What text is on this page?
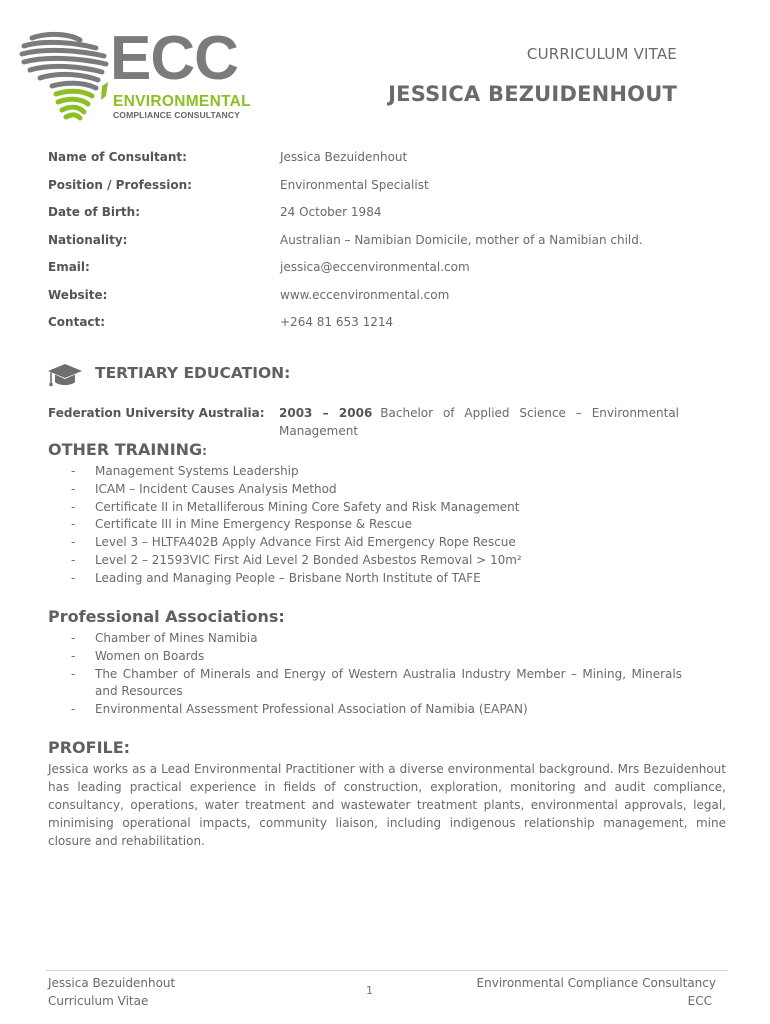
ECC
ENVIRONMENTAL
COMPLIANCE CONSULTANCY
CURRICULUM VITAE
JESSICA BEZUIDENHOUT
Name of Consultant:	Jessica Bezuidenhout
Position / Profession:	Environmental Specialist
Date of Birth:	24 October 1984
Nationality:	Australian – Namibian Domicile, mother of a Namibian child.
Email:	jessica@eccenvironmental.com
Website:	www.eccenvironmental.com
Contact:	+264 81 653 1214
TERTIARY EDUCATION:
Federation University Australia: 2003 – 2006 Bachelor of Applied Science – Environmental Management
OTHER TRAINING:
- Management Systems Leadership
- ICAM – Incident Causes Analysis Method
- Certificate II in Metalliferous Mining Core Safety and Risk Management
- Certificate III in Mine Emergency Response & Rescue
- Level 3 – HLTFA402B Apply Advance First Aid Emergency Rope Rescue
- Level 2 – 21593VIC First Aid Level 2 Bonded Asbestos Removal > 10m²
- Leading and Managing People – Brisbane North Institute of TAFE
Professional Associations:
- Chamber of Mines Namibia
- Women on Boards
- The Chamber of Minerals and Energy of Western Australia Industry Member – Mining, Minerals and Resources
- Environmental Assessment Professional Association of Namibia (EAPAN)
PROFILE:
Jessica works as a Lead Environmental Practitioner with a diverse environmental background. Mrs Bezuidenhout has leading practical experience in fields of construction, exploration, monitoring and audit compliance, consultancy, operations, water treatment and wastewater treatment plants, environmental approvals, legal, minimising operational impacts, community liaison, including indigenous relationship management, mine closure and rehabilitation.
Jessica Bezuidenhout
Curriculum Vitae
1
Environmental Compliance Consultancy
ECC
